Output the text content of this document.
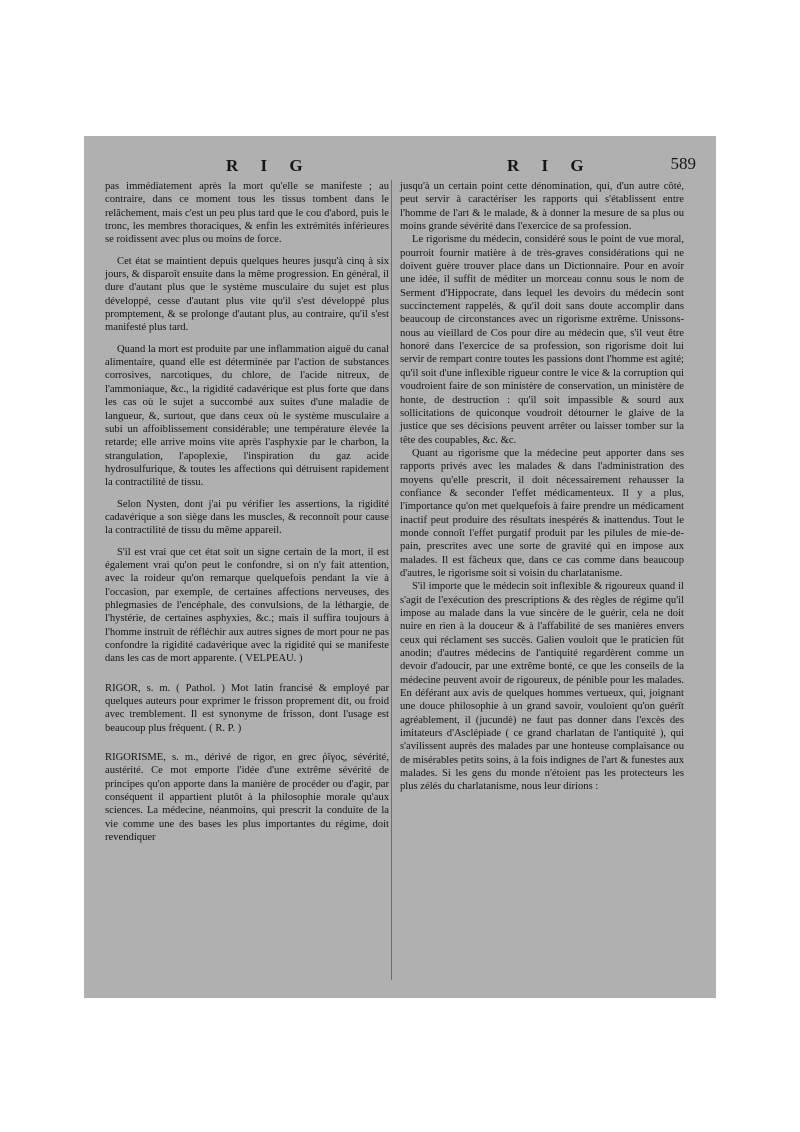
R I G	R I G	589

pas immédiatement après la mort qu'elle se manifeste ; au contraire, dans ce moment tous les tissus tombent dans le relâchement, mais c'est un peu plus tard que le cou d'abord, puis le tronc, les membres thoraciques, & enfin les extrémités inférieures se roidissent avec plus ou moins de force.

Cet état se maintient depuis quelques heures jusqu'à cinq à six jours, & disparoît ensuite dans la même progression. En général, il dure d'autant plus que le système musculaire du sujet est plus développé, cesse d'autant plus vite qu'il s'est développé plus promptement, & se prolonge d'autant plus, au contraire, qu'il s'est manifesté plus tard.

Quand la mort est produite par une inflammation aiguë du canal alimentaire, quand elle est déterminée par l'action de substances corrosives, narcotiques, du chlore, de l'acide nitreux, de l'ammoniaque, &c., la rigidité cadavérique est plus forte que dans les cas où le sujet a succombé aux suites d'une maladie de langueur, &, surtout, que dans ceux où le système musculaire a subi un affoiblissement considérable; une température élevée la retarde; elle arrive moins vite après l'asphyxie par le charbon, la strangulation, l'apoplexie, l'inspiration du gaz acide hydrosulfurique, & toutes les affections qui détruisent rapidement la contractilité de tissu.

Selon Nysten, dont j'ai pu vérifier les assertions, la rigidité cadavérique a son siège dans les muscles, & reconnoît pour cause la contractilité de tissu du même appareil.

S'il est vrai que cet état soit un signe certain de la mort, il est également vrai qu'on peut le confondre, si on n'y fait attention, avec la roideur qu'on remarque quelquefois pendant la vie à l'occasion, par exemple, de certaines affections nerveuses, des phlegmasies de l'encéphale, des convulsions, de la léthargie, de l'hystérie, de certaines asphyxies, &c.; mais il suffira toujours à l'homme instruit de réfléchir aux autres signes de mort pour ne pas confondre la rigidité cadavérique avec la rigidité qui se manifeste dans les cas de mort apparente. ( VELPEAU. )

RIGOR, s. m. ( Pathol. ) Mot latin francisé & employé par quelques auteurs pour exprimer le frisson proprement dit, ou froid avec tremblement. Il est synonyme de frisson, dont l'usage est beaucoup plus fréquent. ( R. P. )

RIGORISME, s. m., dérivé de rigor, en grec ῥῖγος, sévérité, austérité. Ce mot emporte l'idée d'une extrême sévérité de principes qu'on apporte dans la manière de procéder ou d'agir, par conséquent il appartient plutôt à la philosophie morale qu'aux sciences. La médecine, néanmoins, qui prescrit la conduite de la vie comme une des bases les plus importantes du régime, doit revendiquer

jusqu'à un certain point cette dénomination, qui, d'un autre côté, peut servir à caractériser les rapports qui s'établissent entre l'homme de l'art & le malade, & à donner la mesure de sa plus ou moins grande sévérité dans l'exercice de sa profession.

Le rigorisme du médecin, considéré sous le point de vue moral, pourroit fournir matière à de très-graves considérations qui ne doivent guère trouver place dans un Dictionnaire. Pour en avoir une idée, il suffit de méditer un morceau connu sous le nom de Serment d'Hippocrate, dans lequel les devoirs du médecin sont succinctement rappelés, & qu'il doit sans doute accomplir dans beaucoup de circonstances avec un rigorisme extrême. Unissons-nous au vieillard de Cos pour dire au médecin que, s'il veut être honoré dans l'exercice de sa profession, son rigorisme doit lui servir de rempart contre toutes les passions dont l'homme est agité; qu'il soit d'une inflexible rigueur contre le vice & la corruption qui voudroient faire de son ministère de conservation, un ministère de honte, de destruction : qu'il soit impassible & sourd aux sollicitations de quiconque voudroit détourner le glaive de la justice que ses décisions peuvent arrêter ou laisser tomber sur la tête des coupables, &c. &c.

Quant au rigorisme que la médecine peut apporter dans ses rapports privés avec les malades & dans l'administration des moyens qu'elle prescrit, il doit nécessairement rehausser la confiance & seconder l'effet médicamenteux. Il y a plus, l'importance qu'on met quelquefois à faire prendre un médicament inactif peut produire des résultats inespérés & inattendus. Tout le monde connoît l'effet purgatif produit par les pilules de mie-de-pain, prescrites avec une sorte de gravité qui en impose aux malades. Il est fâcheux que, dans ce cas comme dans beaucoup d'autres, le rigorisme soit si voisin du charlatanisme.

S'il importe que le médecin soit inflexible & rigoureux quand il s'agit de l'exécution des prescriptions & des règles de régime qu'il impose au malade dans la vue sincère de le guérir, cela ne doit nuire en rien à la douceur & à l'affabilité de ses manières envers ceux qui réclament ses succès. Galien vouloit que le praticien fût anodin; d'autres médecins de l'antiquité regardèrent comme un devoir d'adoucir, par une extrême bonté, ce que les conseils de la médecine peuvent avoir de rigoureux, de pénible pour les malades. En déférant aux avis de quelques hommes vertueux, qui, joignant une douce philosophie à un grand savoir, vouloient qu'on guérît agréablement, il (jucundè) ne faut pas donner dans l'excès des imitateurs d'Asclépiade ( ce grand charlatan de l'antiquité ), qui s'avilissent auprès des malades par une honteuse complaisance ou de misérables petits soins, à la fois indignes de l'art & funestes aux malades. Si les gens du monde n'étoient pas les protecteurs les plus zélés du charlatanisme, nous leur dirions :
